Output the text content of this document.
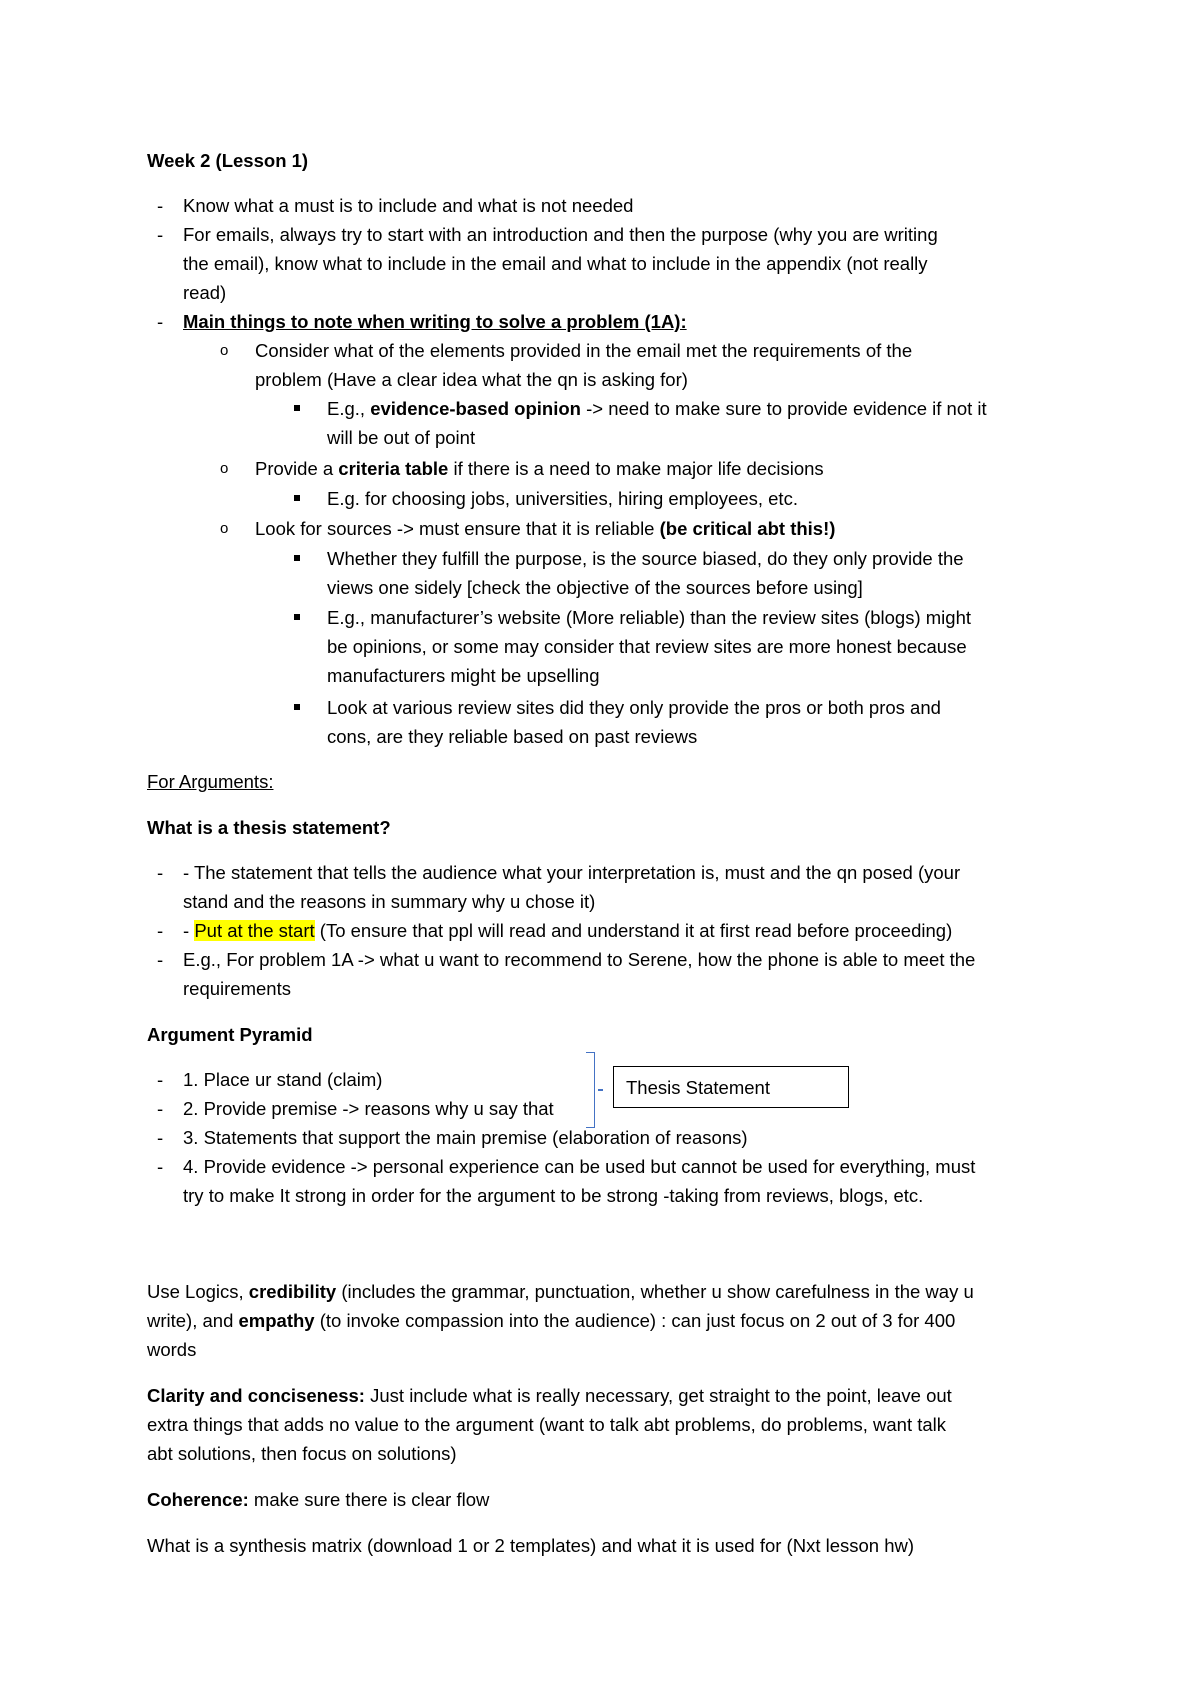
Week 2 (Lesson 1)
- Know what a must is to include and what is not needed
- For emails, always try to start with an introduction and then the purpose (why you are writing
the email), know what to include in the email and what to include in the appendix (not really
read)
- Main things to note when writing to solve a problem (1A):
o Consider what of the elements provided in the email met the requirements of the
problem (Have a clear idea what the qn is asking for)
E.g., evidence-based opinion -> need to make sure to provide evidence if not it
will be out of point
o Provide a criteria table if there is a need to make major life decisions
E.g. for choosing jobs, universities, hiring employees, etc.
o Look for sources -> must ensure that it is reliable (be critical abt this!)
Whether they fulfill the purpose, is the source biased, do they only provide the
views one sidely [check the objective of the sources before using]
E.g., manufacturer’s website (More reliable) than the review sites (blogs) might
be opinions, or some may consider that review sites are more honest because
manufacturers might be upselling
Look at various review sites did they only provide the pros or both pros and
cons, are they reliable based on past reviews
For Arguments:
What is a thesis statement?
- - The statement that tells the audience what your interpretation is, must and the qn posed (your
stand and the reasons in summary why u chose it)
- - Put at the start (To ensure that ppl will read and understand it at first read before proceeding)
- E.g., For problem 1A -> what u want to recommend to Serene, how the phone is able to meet the
requirements
Argument Pyramid
- 1. Place ur stand (claim)
- 2. Provide premise -> reasons why u say that
- 3. Statements that support the main premise (elaboration of reasons)
- 4. Provide evidence -> personal experience can be used but cannot be used for everything, must
try to make It strong in order for the argument to be strong -taking from reviews, blogs, etc.
Thesis Statement
Use Logics, credibility (includes the grammar, punctuation, whether u show carefulness in the way u
write), and empathy (to invoke compassion into the audience) : can just focus on 2 out of 3 for 400
words
Clarity and conciseness: Just include what is really necessary, get straight to the point, leave out
extra things that adds no value to the argument (want to talk abt problems, do problems, want talk
abt solutions, then focus on solutions)
Coherence: make sure there is clear flow
What is a synthesis matrix (download 1 or 2 templates) and what it is used for (Nxt lesson hw)
